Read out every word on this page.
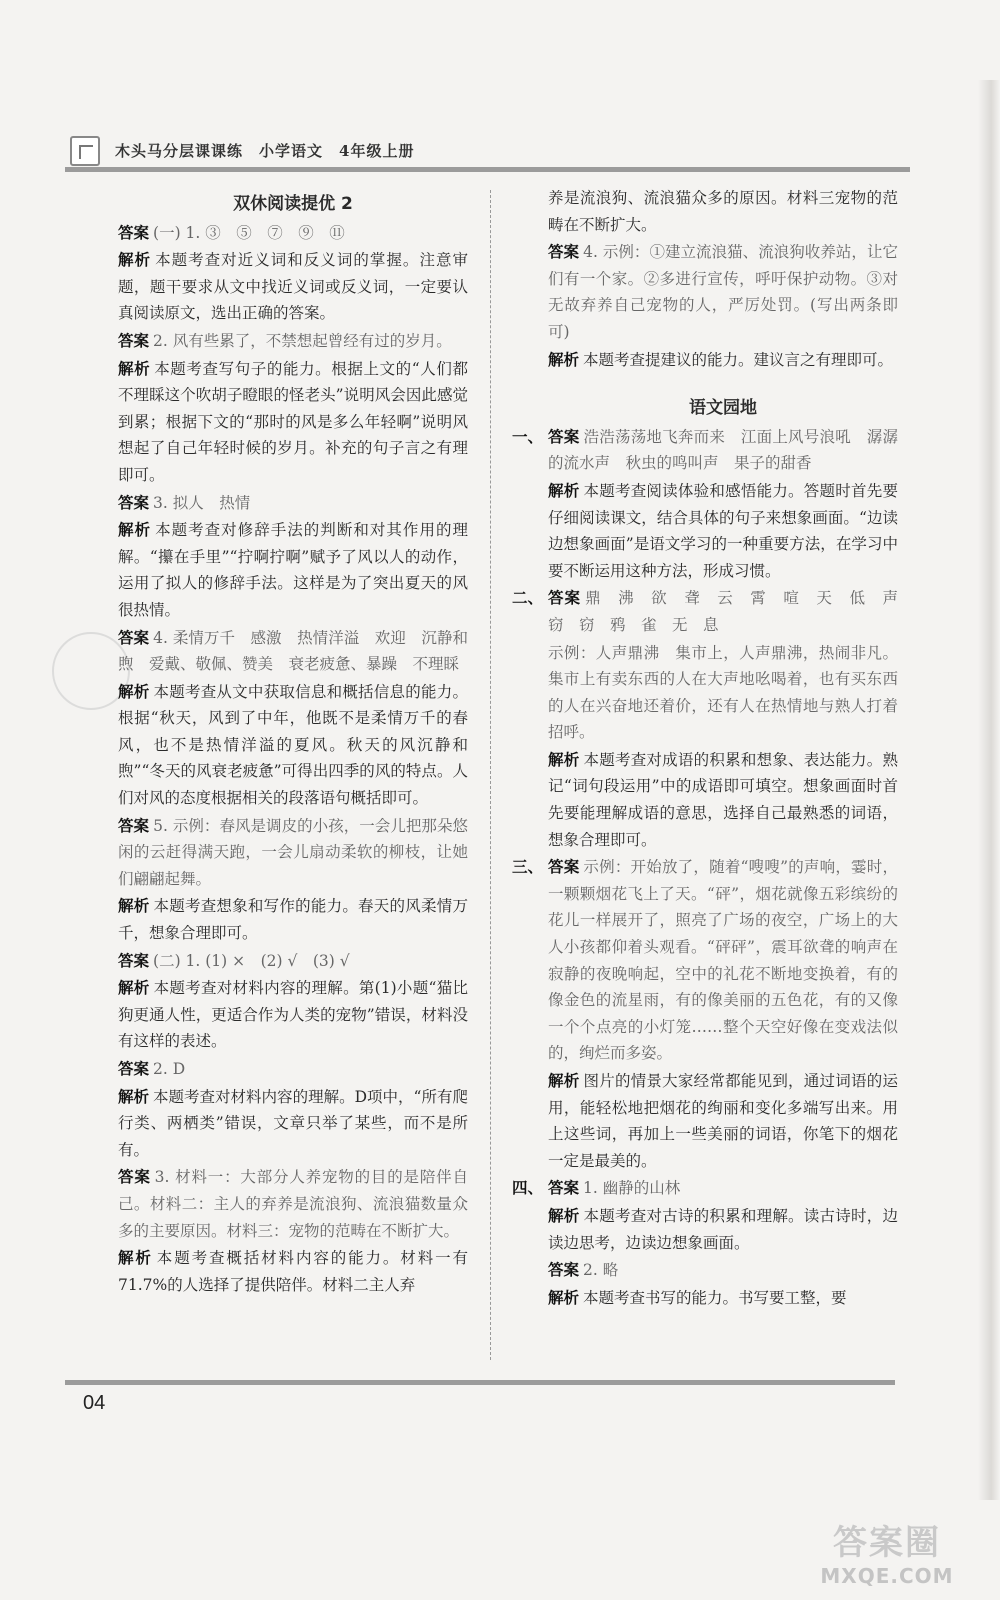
木头马分层课课练　小学语文　4年级上册
双休阅读提优 2
答案 (一) 1. ③　⑤　⑦　⑨　⑪
解析 本题考查对近义词和反义词的掌握。注意审题，题干要求从文中找近义词或反义词，一定要认真阅读原文，选出正确的答案。
答案 2. 风有些累了，不禁想起曾经有过的岁月。
解析 本题考查写句子的能力。根据上文的“人们都不理睬这个吹胡子瞪眼的怪老头”说明风会因此感觉到累；根据下文的“那时的风是多么年轻啊”说明风想起了自己年轻时候的岁月。补充的句子言之有理即可。
答案 3. 拟人　热情
解析 本题考查对修辞手法的判断和对其作用的理解。“攥在手里”“拧啊拧啊”赋予了风以人的动作，运用了拟人的修辞手法。这样是为了突出夏天的风很热情。
答案 4. 柔情万千　感激　热情洋溢　欢迎　沉静和煦　爱戴、敬佩、赞美　衰老疲惫、暴躁　不理睬
解析 本题考查从文中获取信息和概括信息的能力。根据“秋天，风到了中年，他既不是柔情万千的春风，也不是热情洋溢的夏风。秋天的风沉静和煦”“冬天的风衰老疲惫”可得出四季的风的特点。人们对风的态度根据相关的段落语句概括即可。
答案 5. 示例：春风是调皮的小孩，一会儿把那朵悠闲的云赶得满天跑，一会儿扇动柔软的柳枝，让她们翩翩起舞。
解析 本题考查想象和写作的能力。春天的风柔情万千，想象合理即可。
答案 (二) 1. (1) ×　(2) √　(3) √
解析 本题考查对材料内容的理解。第(1)小题“猫比狗更通人性，更适合作为人类的宠物”错误，材料没有这样的表述。
答案 2. D
解析 本题考查对材料内容的理解。D项中，“所有爬行类、两栖类”错误，文章只举了某些，而不是所有。
答案 3. 材料一：大部分人养宠物的目的是陪伴自己。材料二：主人的弃养是流浪狗、流浪猫数量众多的主要原因。材料三：宠物的范畴在不断扩大。
解析 本题考查概括材料内容的能力。材料一有71.7%的人选择了提供陪伴。材料二主人弃
养是流浪狗、流浪猫众多的原因。材料三宠物的范畴在不断扩大。
答案 4. 示例：①建立流浪猫、流浪狗收养站，让它们有一个家。②多进行宣传，呼吁保护动物。③对无故弃养自己宠物的人，严厉处罚。(写出两条即可)
解析 本题考查提建议的能力。建议言之有理即可。
语文园地
一、 答案 浩浩荡荡地飞奔而来　江面上风号浪吼　潺潺的流水声　秋虫的鸣叫声　果子的甜香
解析 本题考查阅读体验和感悟能力。答题时首先要仔细阅读课文，结合具体的句子来想象画面。“边读边想象画面”是语文学习的一种重要方法，在学习中要不断运用这种方法，形成习惯。
二、 答案 鼎　沸　欲　聋　云　霄　喧　天　低　声　窃　窃　鸦　雀　无　息
示例：人声鼎沸　集市上，人声鼎沸，热闹非凡。集市上有卖东西的人在大声地吆喝着，也有买东西的人在兴奋地还着价，还有人在热情地与熟人打着招呼。
解析 本题考查对成语的积累和想象、表达能力。熟记“词句段运用”中的成语即可填空。想象画面时首先要能理解成语的意思，选择自己最熟悉的词语，想象合理即可。
三、 答案 示例：开始放了，随着“嗖嗖”的声响，霎时，一颗颗烟花飞上了天。“砰”，烟花就像五彩缤纷的花儿一样展开了，照亮了广场的夜空，广场上的大人小孩都仰着头观看。“砰砰”，震耳欲聋的响声在寂静的夜晚响起，空中的礼花不断地变换着，有的像金色的流星雨，有的像美丽的五色花，有的又像一个个点亮的小灯笼……整个天空好像在变戏法似的，绚烂而多姿。
解析 图片的情景大家经常都能见到，通过词语的运用，能轻松地把烟花的绚丽和变化多端写出来。用上这些词，再加上一些美丽的词语，你笔下的烟花一定是最美的。
四、 答案 1. 幽静的山林
解析 本题考查对古诗的积累和理解。读古诗时，边读边思考，边读边想象画面。
答案 2. 略
解析 本题考查书写的能力。书写要工整，要
04
答案圈
MXQE.COM
